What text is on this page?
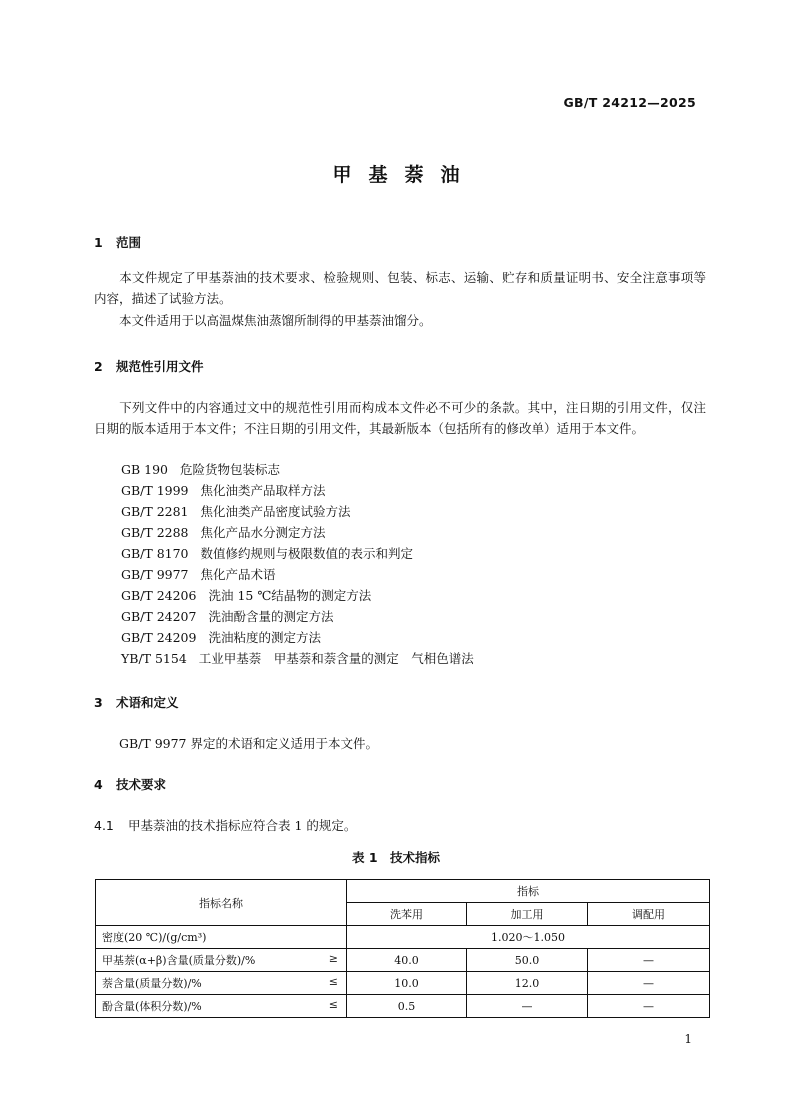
GB/T 24212—2025
甲基萘油
1 范围
本文件规定了甲基萘油的技术要求、检验规则、包装、标志、运输、贮存和质量证明书、安全注意事项等内容，描述了试验方法。
本文件适用于以高温煤焦油蒸馏所制得的甲基萘油馏分。
2 规范性引用文件
下列文件中的内容通过文中的规范性引用而构成本文件必不可少的条款。其中，注日期的引用文件，仅注日期的版本适用于本文件；不注日期的引用文件，其最新版本（包括所有的修改单）适用于本文件。
GB 190 危险货物包装标志
GB/T 1999 焦化油类产品取样方法
GB/T 2281 焦化油类产品密度试验方法
GB/T 2288 焦化产品水分测定方法
GB/T 8170 数值修约规则与极限数值的表示和判定
GB/T 9977 焦化产品术语
GB/T 24206 洗油 15 ℃结晶物的测定方法
GB/T 24207 洗油酚含量的测定方法
GB/T 24209 洗油粘度的测定方法
YB/T 5154 工业甲基萘　甲基萘和萘含量的测定　气相色谱法
3 术语和定义
GB/T 9977 界定的术语和定义适用于本文件。
4 技术要求
4.1 甲基萘油的技术指标应符合表 1 的规定。
表 1　技术指标
指标名称	指标		
	洗苯用	加工用	调配用
密度(20 ℃)/(g/cm³)	1.020～1.050		
甲基萘(α+β)含量(质量分数)/% ≥	40.0	50.0	—
萘含量(质量分数)/% ≤	10.0	12.0	—
酚含量(体积分数)/% ≤	0.5	—	—
1
